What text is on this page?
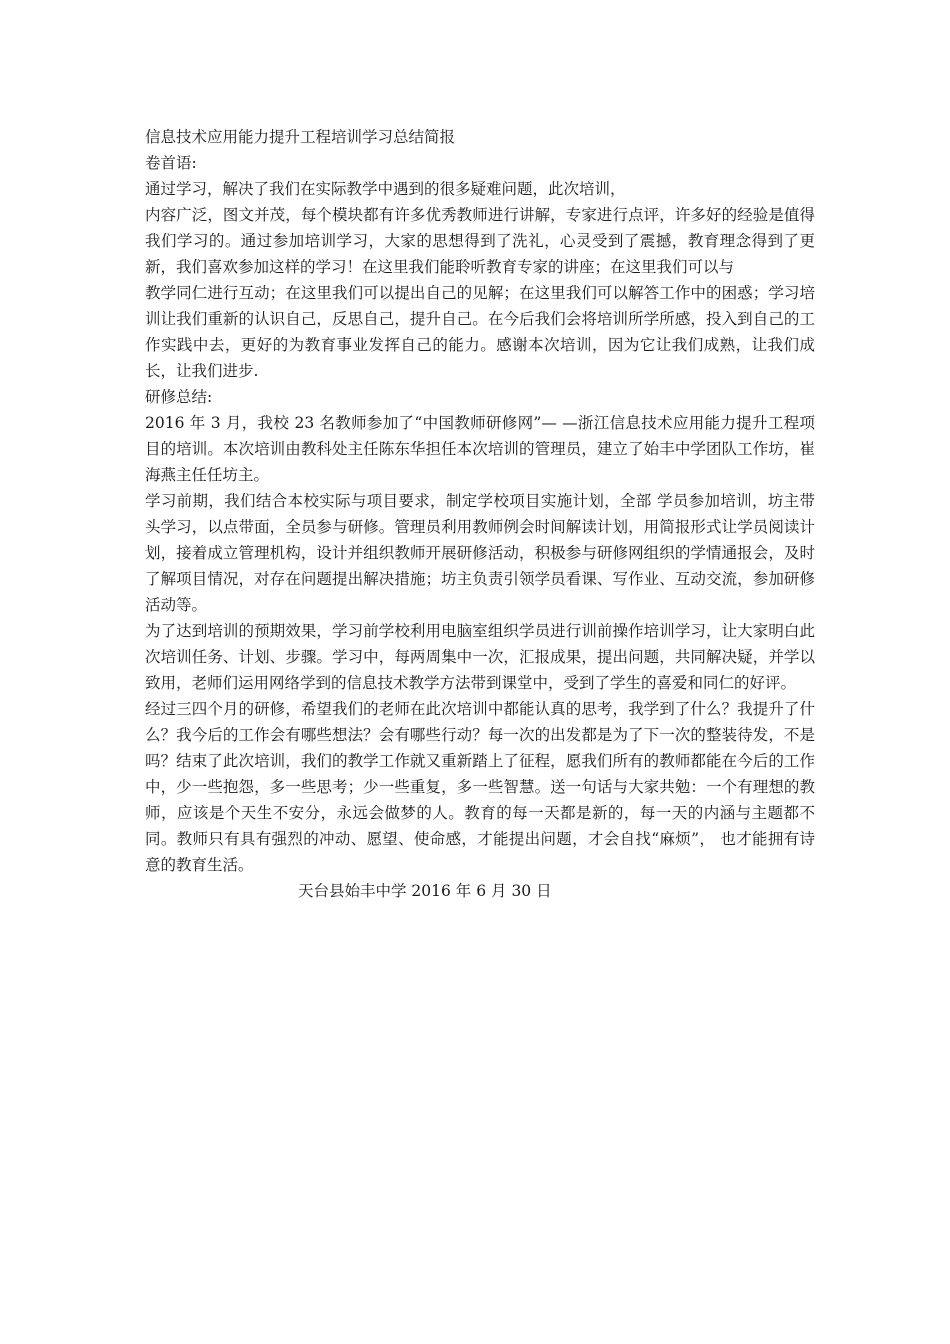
信息技术应用能力提升工程培训学习总结简报

卷首语:

通过学习，解决了我们在实际教学中遇到的很多疑难问题，此次培训，

内容广泛，图文并茂，每个模块都有许多优秀教师进行讲解，专家进行点评，许多好的经验是值得我们学习的。通过参加培训学习，大家的思想得到了洗礼，心灵受到了震撼，教育理念得到了更新，我们喜欢参加这样的学习！在这里我们能聆听教育专家的讲座；在这里我们可以与

教学同仁进行互动；在这里我们可以提出自己的见解；在这里我们可以解答工作中的困惑；学习培训让我们重新的认识自己，反思自己，提升自己。在今后我们会将培训所学所感，投入到自己的工作实践中去，更好的为教育事业发挥自己的能力。感谢本次培训，因为它让我们成熟，让我们成长，让我们进步.

研修总结:

2016 年 3 月，我校 23 名教师参加了“中国教师研修网”— —浙江信息技术应用能力提升工程项目的培训。本次培训由教科处主任陈东华担任本次培训的管理员，建立了始丰中学团队工作坊，崔海燕主任任坊主。

学习前期，我们结合本校实际与项目要求，制定学校项目实施计划，全部 学员参加培训，坊主带头学习，以点带面，全员参与研修。管理员利用教师例会时间解读计划，用简报形式让学员阅读计划，接着成立管理机构，设计并组织教师开展研修活动，积极参与研修网组织的学情通报会，及时了解项目情况，对存在问题提出解决措施；坊主负责引领学员看课、写作业、互动交流，参加研修活动等。

为了达到培训的预期效果，学习前学校利用电脑室组织学员进行训前操作培训学习，让大家明白此次培训任务、计划、步骤。学习中，每两周集中一次，汇报成果，提出问题，共同解决疑，并学以致用，老师们运用网络学到的信息技术教学方法带到课堂中，受到了学生的喜爱和同仁的好评。

经过三四个月的研修，希望我们的老师在此次培训中都能认真的思考，我学到了什么？我提升了什么？我今后的工作会有哪些想法？会有哪些行动？每一次的出发都是为了下一次的整装待发，不是吗？结束了此次培训，我们的教学工作就又重新踏上了征程，愿我们所有的教师都能在今后的工作中，少一些抱怨，多一些思考；少一些重复，多一些智慧。送一句话与大家共勉：一个有理想的教师，应该是个天生不安分，永远会做梦的人。教育的每一天都是新的，每一天的内涵与主题都不同。教师只有具有强烈的冲动、愿望、使命感，才能提出问题，才会自找“麻烦”， 也才能拥有诗意的教育生活。

天台县始丰中学 2016 年 6 月 30 日
